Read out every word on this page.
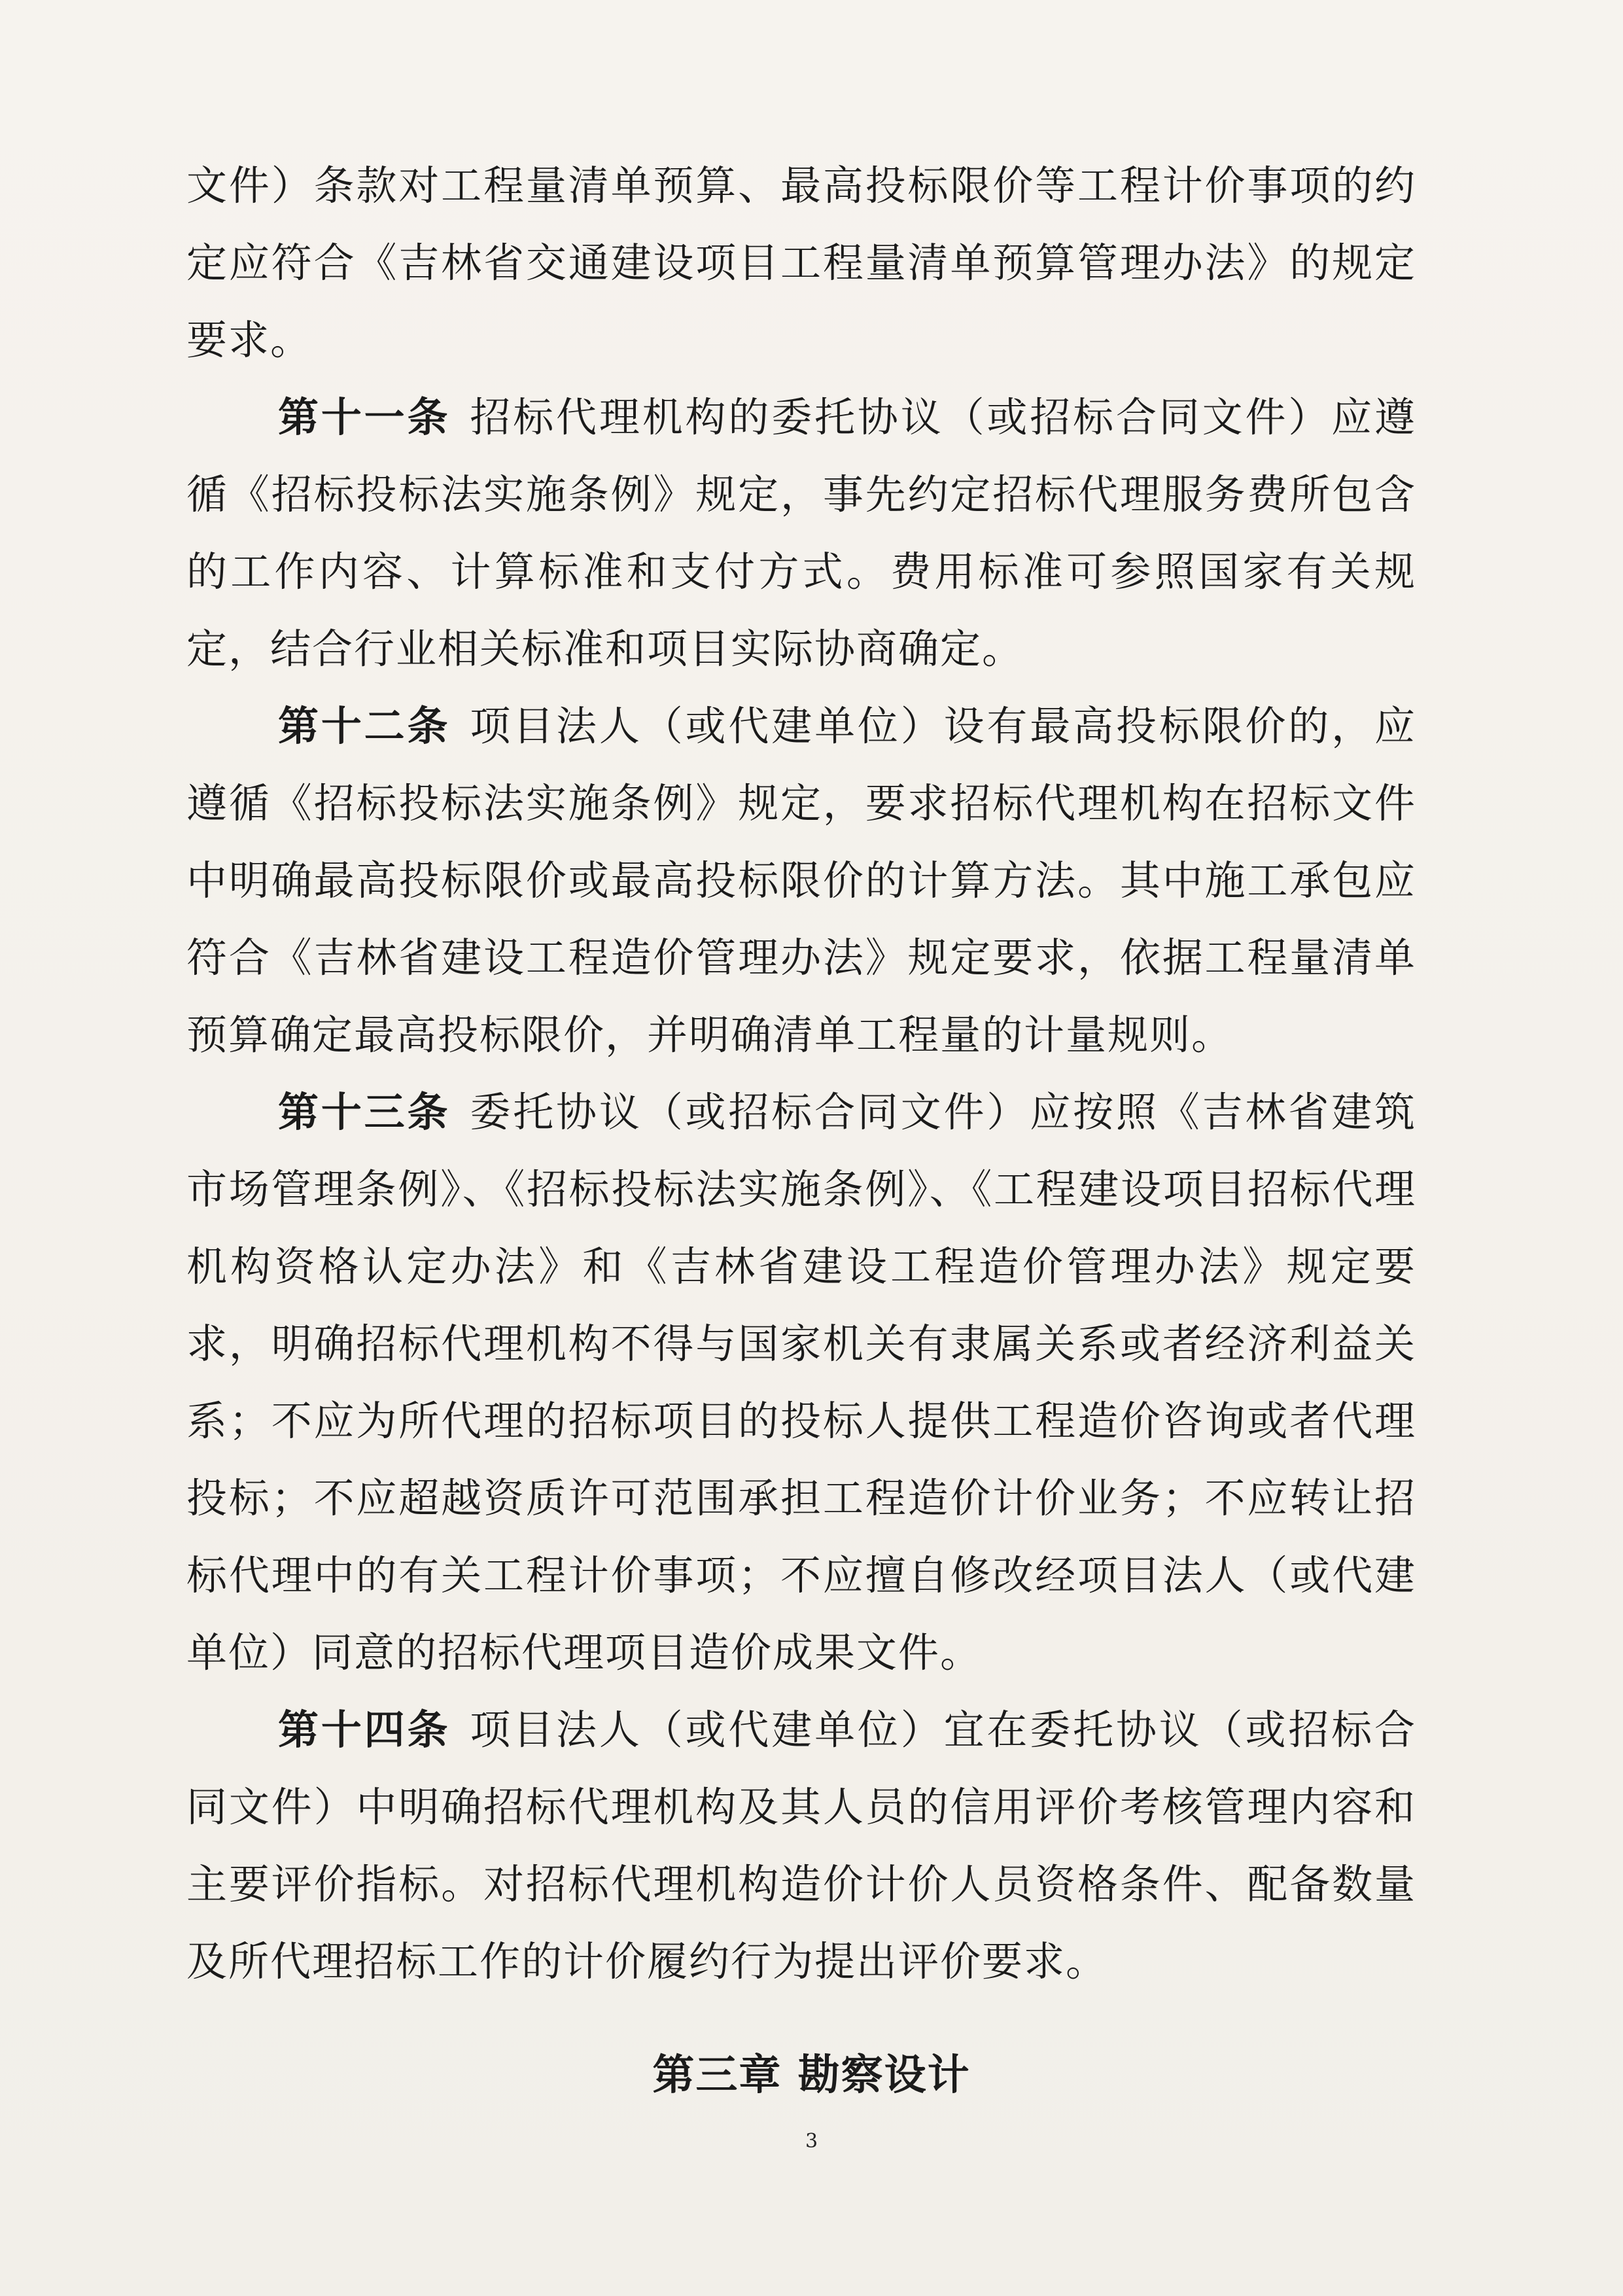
文件）条款对工程量清单预算、最高投标限价等工程计价事项的约定应符合《吉林省交通建设项目工程量清单预算管理办法》的规定要求。

第十一条 招标代理机构的委托协议（或招标合同文件）应遵循《招标投标法实施条例》规定，事先约定招标代理服务费所包含的工作内容、计算标准和支付方式。费用标准可参照国家有关规定，结合行业相关标准和项目实际协商确定。

第十二条 项目法人（或代建单位）设有最高投标限价的，应遵循《招标投标法实施条例》规定，要求招标代理机构在招标文件中明确最高投标限价或最高投标限价的计算方法。其中施工承包应符合《吉林省建设工程造价管理办法》规定要求，依据工程量清单预算确定最高投标限价，并明确清单工程量的计量规则。

第十三条 委托协议（或招标合同文件）应按照《吉林省建筑市场管理条例》、《招标投标法实施条例》、《工程建设项目招标代理机构资格认定办法》和《吉林省建设工程造价管理办法》规定要求，明确招标代理机构不得与国家机关有隶属关系或者经济利益关系；不应为所代理的招标项目的投标人提供工程造价咨询或者代理投标；不应超越资质许可范围承担工程造价计价业务；不应转让招标代理中的有关工程计价事项；不应擅自修改经项目法人（或代建单位）同意的招标代理项目造价成果文件。

第十四条 项目法人（或代建单位）宜在委托协议（或招标合同文件）中明确招标代理机构及其人员的信用评价考核管理内容和主要评价指标。对招标代理机构造价计价人员资格条件、配备数量及所代理招标工作的计价履约行为提出评价要求。

第三章 勘察设计
3
